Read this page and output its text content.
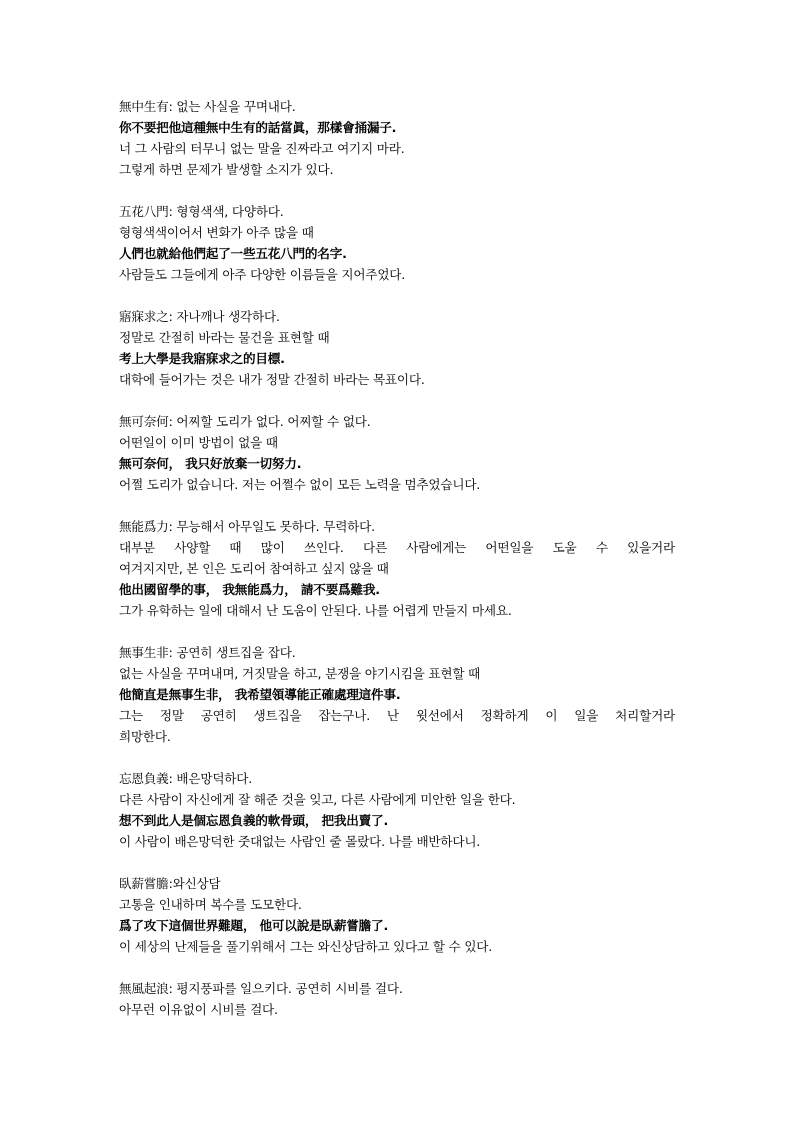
無中生有: 없는 사실을 꾸며내다.
你不要把他這種無中生有的話當眞，那樣會捅漏子.
너 그 사람의 터무니 없는 말을 진짜라고 여기지 마라.
그렇게 하면 문제가 발생할 소지가 있다.
五花八門: 형형색색, 다양하다.
형형색색이어서 변화가 아주 많을 때
人們也就給他們起了一些五花八門的名字.
사람들도 그들에게 아주 다양한 이름들을 지어주었다.
寤寐求之: 자나깨나 생각하다.
정말로 간절히 바라는 물건을 표현할 때
考上大學是我寤寐求之的目標.
대학에 들어가는 것은 내가 정말 간절히 바라는 목표이다.
無可奈何: 어찌할 도리가 없다. 어찌할 수 없다.
어떤일이 이미 방법이 없을 때
無可奈何， 我只好放棄一切努力.
어쩔 도리가 없습니다. 저는 어쩔수 없이 모든 노력을 멈추었습니다.
無能爲力: 무능해서 아무일도 못하다. 무력하다.
대부분 사양할 때 많이 쓰인다. 다른 사람에게는 어떤일을 도울 수 있을거라
여겨지지만, 본 인은 도리어 참여하고 싶지 않을 때
他出國留學的事， 我無能爲力， 請不要爲難我.
그가 유학하는 일에 대해서 난 도움이 안된다. 나를 어렵게 만들지 마세요.
無事生非: 공연히 생트집을 잡다.
없는 사실을 꾸며내며, 거짓말을 하고, 분쟁을 야기시킴을 표현할 때
他簡直是無事生非， 我希望領導能正確處理這件事.
그는 정말 공연히 생트집을 잡는구나. 난 윗선에서 정확하게 이 일을 처리할거라
희망한다.
忘恩負義: 배은망덕하다.
다른 사람이 자신에게 잘 해준 것을 잊고, 다른 사람에게 미안한 일을 한다.
想不到此人是個忘恩負義的軟骨頭， 把我出賣了.
이 사람이 배은망덕한 줏대없는 사람인 줄 몰랐다. 나를 배반하다니.
臥薪嘗膽:와신상담
고통을 인내하며 복수를 도모한다.
爲了攻下這個世界難題， 他可以說是臥薪嘗膽了.
이 세상의 난제들을 풀기위해서 그는 와신상담하고 있다고 할 수 있다.
無風起浪: 평지풍파를 일으키다. 공연히 시비를 걸다.
아무런 이유없이 시비를 걸다.
